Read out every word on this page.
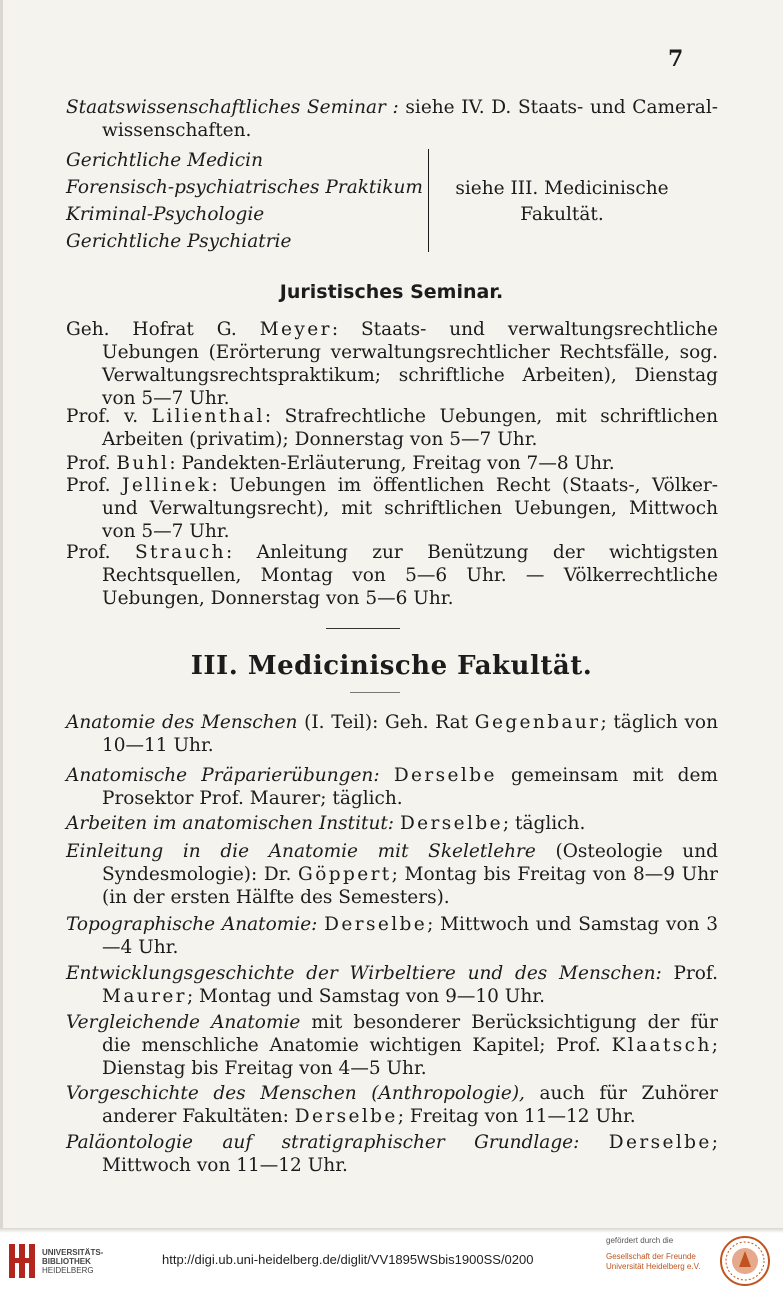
7
Staatswissenschaftliches Seminar : siehe IV. D. Staats- und Cameral-wissenschaften.
Gerichtliche Medicin
Forensisch-psychiatrisches Praktikum
Kriminal-Psychologie
Gerichtliche Psychiatrie
siehe III. Medicinische
Fakultät.
Juristisches Seminar.
Geh. Hofrat G. Meyer: Staats- und verwaltungsrechtliche Uebungen (Erörterung verwaltungsrechtlicher Rechtsfälle, sog. Verwaltungsrechtspraktikum; schriftliche Arbeiten), Dienstag von 5—7 Uhr.
Prof. v. Lilienthal: Strafrechtliche Uebungen, mit schriftlichen Arbeiten (privatim); Donnerstag von 5—7 Uhr.
Prof. Buhl: Pandekten-Erläuterung, Freitag von 7—8 Uhr.
Prof. Jellinek: Uebungen im öffentlichen Recht (Staats-, Völker- und Verwaltungsrecht), mit schriftlichen Uebungen, Mittwoch von 5—7 Uhr.
Prof. Strauch: Anleitung zur Benützung der wichtigsten Rechtsquellen, Montag von 5—6 Uhr. — Völkerrechtliche Uebungen, Donnerstag von 5—6 Uhr.
III. Medicinische Fakultät.
Anatomie des Menschen (I. Teil): Geh. Rat Gegenbaur; täglich von 10—11 Uhr.
Anatomische Präparierübungen: Derselbe gemeinsam mit dem Prosektor Prof. Maurer; täglich.
Arbeiten im anatomischen Institut: Derselbe; täglich.
Einleitung in die Anatomie mit Skeletlehre (Osteologie und Syndesmologie): Dr. Göppert; Montag bis Freitag von 8—9 Uhr (in der ersten Hälfte des Semesters).
Topographische Anatomie: Derselbe; Mittwoch und Samstag von 3—4 Uhr.
Entwicklungsgeschichte der Wirbeltiere und des Menschen: Prof. Maurer; Montag und Samstag von 9—10 Uhr.
Vergleichende Anatomie mit besonderer Berücksichtigung der für die menschliche Anatomie wichtigen Kapitel; Prof. Klaatsch; Dienstag bis Freitag von 4—5 Uhr.
Vorgeschichte des Menschen (Anthropologie), auch für Zuhörer anderer Fakultäten: Derselbe; Freitag von 11—12 Uhr.
Paläontologie auf stratigraphischer Grundlage: Derselbe; Mittwoch von 11—12 Uhr.
UNIVERSITÄTS-
BIBLIOTHEK
HEIDELBERG
http://digi.ub.uni-heidelberg.de/diglit/VV1895WSbis1900SS/0200
gefördert durch die
Gesellschaft der Freunde
Universität Heidelberg e.V.
